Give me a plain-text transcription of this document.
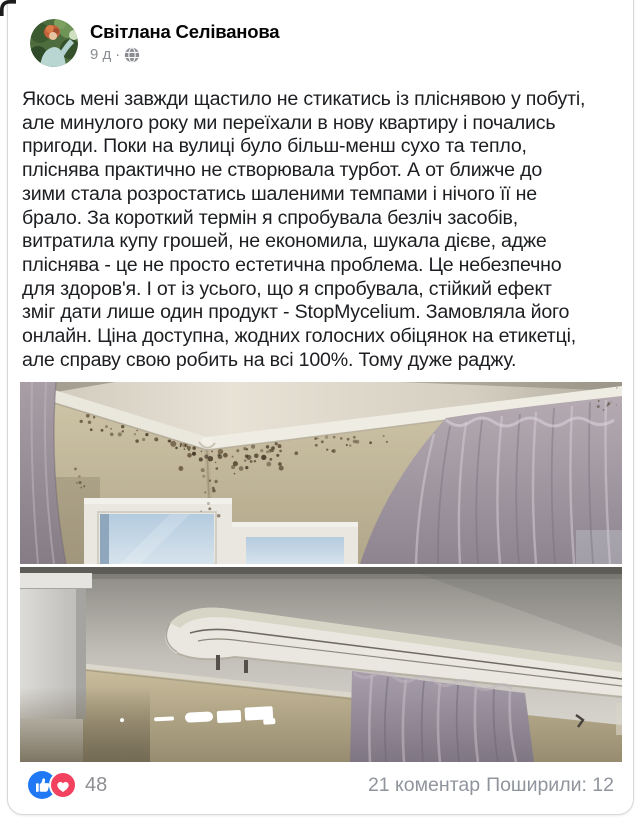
Світлана Селіванова
9 д ·
Якось мені завжди щастило не стикатись із пліснявою у побуті,
але минулого року ми переїхали в нову квартиру і почались
пригоди. Поки на вулиці було більш-менш сухо та тепло,
пліснява практично не створювала турбот. А от ближче до
зими стала розростатись шаленими темпами і нічого її не
брало. За короткий термін я спробувала безліч засобів,
витратила купу грошей, не економила, шукала дієве, адже
пліснява - це не просто естетична проблема. Це небезпечно
для здоров'я. І от із усього, що я спробувала, стійкий ефект
зміг дати лише один продукт - StopMycelium. Замовляла його
онлайн. Ціна доступна, жодних голосних обіцянок на етикетці,
але справу свою робить на всі 100%. Тому дуже раджу.
48	21 коментар Поширили: 12
